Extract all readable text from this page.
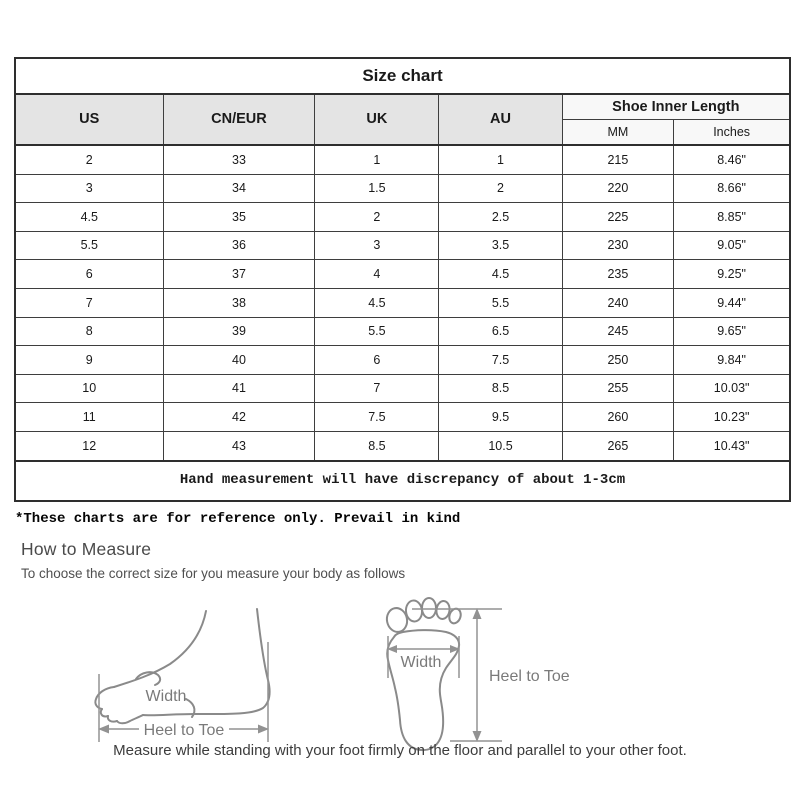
Size chart					
US	CN/EUR	UK	AU	Shoe Inner Length	
				MM	Inches
2	33	1	1	215	8.46"
3	34	1.5	2	220	8.66"
4.5	35	2	2.5	225	8.85"
5.5	36	3	3.5	230	9.05"
6	37	4	4.5	235	9.25"
7	38	4.5	5.5	240	9.44"
8	39	5.5	6.5	245	9.65"
9	40	6	7.5	250	9.84"
10	41	7	8.5	255	10.03"
11	42	7.5	9.5	260	10.23"
12	43	8.5	10.5	265	10.43"
Hand measurement will have discrepancy of about 1-3cm					
*These charts are for reference only. Prevail in kind
How to Measure
To choose the correct size for you measure your body as follows
Width
Heel to Toe
Width
Heel to Toe
Measure while standing with your foot firmly on the floor and parallel to your other foot.
